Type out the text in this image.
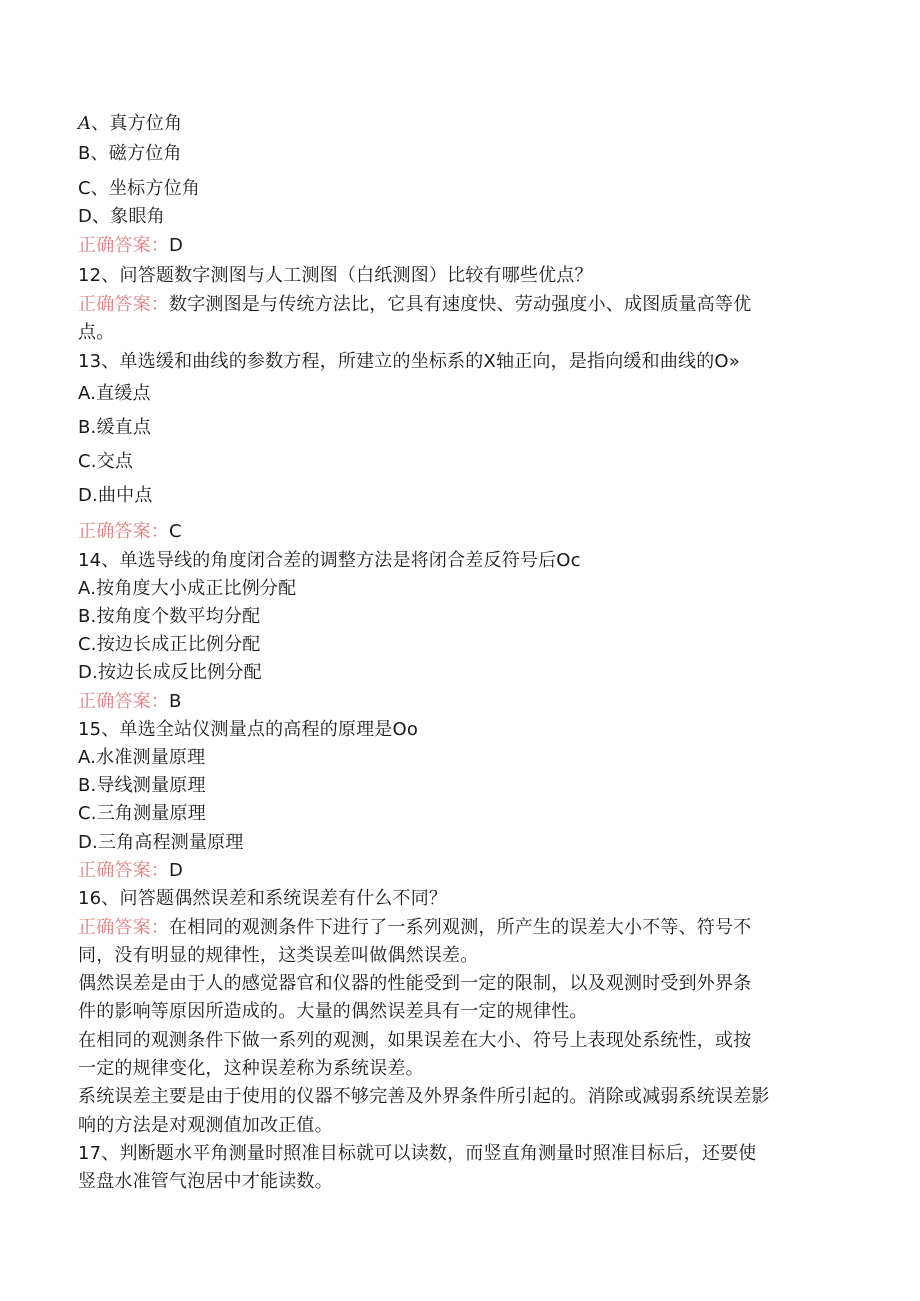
A、真方位角
B、磁方位角
C、坐标方位角
D、象眼角
正确答案：D
12、问答题数字测图与人工测图（白纸测图）比较有哪些优点？
正确答案：数字测图是与传统方法比，它具有速度快、劳动强度小、成图质量高等优
点。
13、单选缓和曲线的参数方程，所建立的坐标系的X轴正向，是指向缓和曲线的O»
A.直缓点
B.缓直点
C.交点
D.曲中点
正确答案：C
14、单选导线的角度闭合差的调整方法是将闭合差反符号后Oc
A.按角度大小成正比例分配
B.按角度个数平均分配
C.按边长成正比例分配
D.按边长成反比例分配
正确答案：B
15、单选全站仪测量点的高程的原理是Oo
A.水准测量原理
B.导线测量原理
C.三角测量原理
D.三角高程测量原理
正确答案：D
16、问答题偶然误差和系统误差有什么不同？
正确答案：在相同的观测条件下进行了一系列观测，所产生的误差大小不等、符号不
同，没有明显的规律性，这类误差叫做偶然误差。
偶然误差是由于人的感觉器官和仪器的性能受到一定的限制，以及观测时受到外界条
件的影响等原因所造成的。大量的偶然误差具有一定的规律性。
在相同的观测条件下做一系列的观测，如果误差在大小、符号上表现处系统性，或按
一定的规律变化，这种误差称为系统误差。
系统误差主要是由于使用的仪器不够完善及外界条件所引起的。消除或减弱系统误差影
响的方法是对观测值加改正值。
17、判断题水平角测量时照准目标就可以读数，而竖直角测量时照准目标后，还要使
竖盘水准管气泡居中才能读数。
